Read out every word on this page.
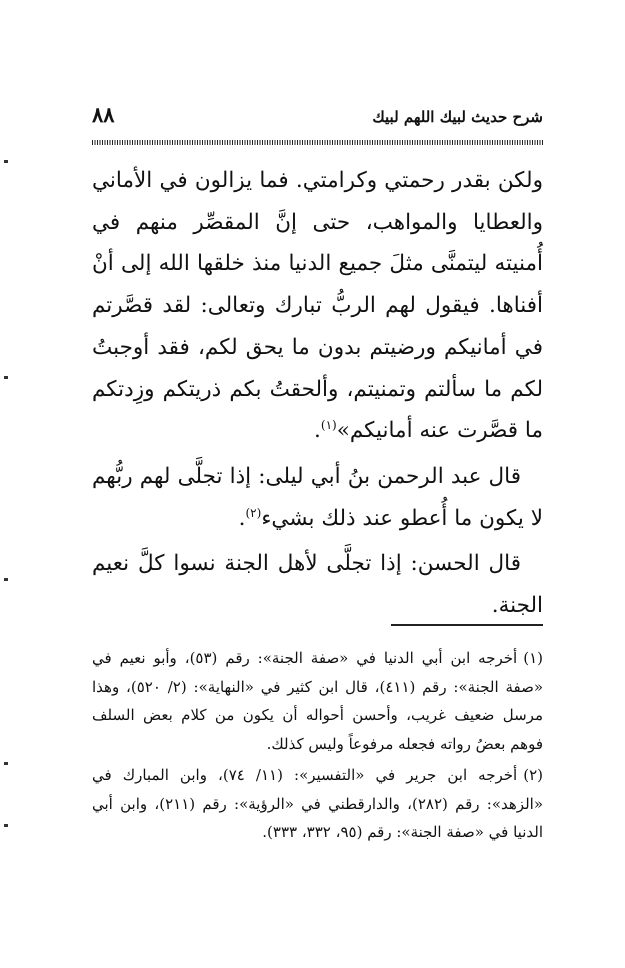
شرح حديث لبيك اللهم لبيك
٨٨

ولكن بقدر رحمتي وكرامتي. فما يزالون في الأماني والعطايا والمواهب، حتى إنَّ المقصِّر منهم في أُمنيته ليتمنَّى مثلَ جميع الدنيا منذ خلقها الله إلى أنْ أفناها. فيقول لهم الربُّ تبارك وتعالى: لقد قصَّرتم في أمانيكم ورضيتم بدون ما يحق لكم، فقد أوجبتُ لكم ما سألتم وتمنيتم، وألحقتُ بكم ذريتكم وزِدتكم ما قصَّرت عنه أمانيكم»$^{(١)}$.

قال عبد الرحمن بنُ أبي ليلى: إذا تجلَّى لهم ربُّهم لا يكون ما أُعطو عند ذلك بشيء$^{(٢)}$.

قال الحسن: إذا تجلَّى لأهل الجنة نسوا كلَّ نعيم الجنة.

(١)أخرجه ابن أبي الدنيا في «صفة الجنة»: رقم (٥٣)، وأبو نعيم في «صفة الجنة»: رقم (٤١١)، قال ابن كثير في «النهاية»: (٢/ ٥٢٠)، وهذا مرسل ضعيف غريب، وأحسن أحواله أن يكون من كلام بعض السلف فوهم بعضُ رواته فجعله مرفوعاً وليس كذلك.

(٢)أخرجه ابن جرير في «التفسير»: (١١/ ٧٤)، وابن المبارك في «الزهد»: رقم (٢٨٢)، والدارقطني في «الرؤية»: رقم (٢١١)، وابن أبي الدنيا في «صفة الجنة»: رقم (٩٥، ٣٣٢، ٣٣٣).
